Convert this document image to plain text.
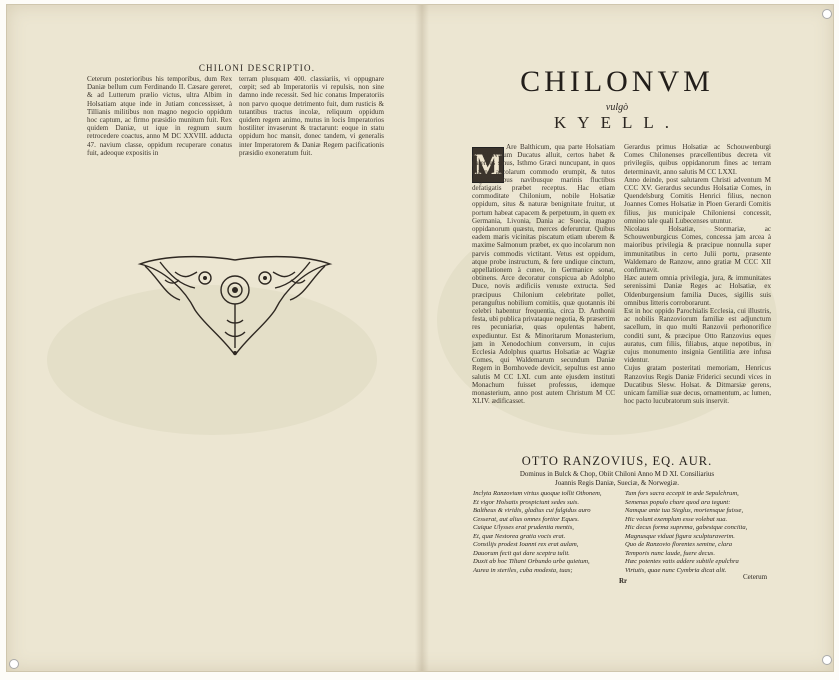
CHILONI DESCRIPTIO.

Ceterum posterioribus his temporibus, dum Rex Daniæ bellum cum Ferdinando II. Cæsare gereret, & ad Lutterum prælio victus, ultra Albim in Holsatiam atque inde in Jutiam concessisset, à Tillianis militibus non magno negocio oppidum hoc captum, ac firmo præsidio munitum fuit. Rex quidem Daniæ, ut ique in regnum suum retrocedere coactus, anno M DC XXVIII. adducta 47. navium classe, oppidum recuperare conatus fuit, adeoque expositis in

terram plusquam 400. classiariis, vi oppugnare cœpit; sed ab Imperatoriis vi repulsis, non sine damno inde recessit. Sed hic conatus Imperatoriis non parvo quoque detrimento fuit, dum rusticis & tutantibus tractus incolæ, reliquum oppidum quidem regem animo, mutus in locis Imperatorios hostiliter invaserunt & tractarunt: eoque in statu oppidum hoc mansit, donec tandem, vi generalis inter Imperatorem & Daniæ Regem pacificationis præsidio exoneratum fuit.

CHILONVM
vulgò
KYELL.
M

Are Balthicum, qua parte Holsatiam & Slesvicum Ducatus alluit, certos habet & patentes sinus, Isthmo Græci nuncupant, in quos magno accolarum commodo erumpit, & tutos negotiatoribus navibusque marinis fluctibus defatigatis præbet receptus. Hac etiam commoditate Chilonium, nobile Holsatiæ oppidum, situs & naturæ benignitate fruitur, ut portum habeat capacem & perpetuum, in quem ex Germania, Livonia, Dania ac Suecia, magno oppidanorum quæstu, merces deferuntur. Quibus eadem maris vicinitas piscatum etiam uberem & maxime Salmonum præbet, ex quo incolarum non parvis commodis victitant. Vetus est oppidum, atque probe instructum, & fere undique cinctum, appellationem à cuneo, in Germanice sonat, obtinens. Arce decoratur conspicua ab Adolpho Duce, novis ædificiis venuste extructa. Sed præcipuus Chilonium celebritate pollet, peranguſtus nobilium comitiis, quæ quotannis ibi celebri habentur frequentia, circa D. Anthonii festa, ubi publica privataque negotia, & præsertim res pecuniariæ, quas opulentas habent, expediuntur. Est & Minoritarum Monasterium, jam in Xenodochium conversum, in cujus Ecclesia Adolphus quartus Holsatiæ ac Wagriæ Comes, qui Waldemarum secundum Daniæ Regem in Bornhovede devicit, sepultus est anno salutis M CC LXI. cum ante ejusdem instituti Monachum fuisset professus, idemque monasterium, anno post autem Christum M CC XLIV. ædificasset.

Gerardus primus Holsatiæ ac Schouwenburgi Comes Chilonenses præcellentibus decreta vit privilegiis, quibus oppidanorum fines ac terram determinavit, anno salutis M CC LXXI.

Anno deinde, post salutarem Christi adventum M CCC XV. Gerardus secundus Holsatiæ Comes, in Quendelsburg Comitis Henrici filius, necnon Joannes Comes Holsatiæ in Ploen Gerardi Comitis filius, jus municipale Chiloniensi concessit, omnino tale quali Lubecenses utuntur.

Nicolaus Holsatiæ, Stormariæ, ac Schouwenburgicus Comes, concessa jam arcea à maioribus privilegia & præcipue nonnulla super immunitatibus in certo Julii portu, præsente Waldemaro de Ranzow, anno gratiæ M CCC XII confirmavit.

Hæc autem omnia privilegia, jura, & immunitates serenissimi Daniæ Reges ac Holsatiæ, ex Oldenburgensium familia Duces, sigillis suis omnibus litteris corroborarunt.

Est in hoc oppido Parochialis Ecclesia, cui illustris, ac nobilis Ranzoviorum familiæ est adjunctum sacellum, in quo multi Ranzovii perhonorifice conditi sunt, & præcipue Otto Ranzovius eques auratus, cum filiis, filiabus, atque nepotibus, in cujus monumento insignia Gentilitia ære infusa videntur.

Cujus gratam posteritati memoriam, Henricus Ranzovius Regis Daniæ Friderici secundi vices in Ducatibus Slesw. Holsat. & Ditmarsiæ gerens, unicam familiæ suæ decus, ornamentum, ac lumen, hoc pacto lucubratorum suis inservit.

OTTO RANZOVIUS, EQ. AUR.
Dominus in Bulck & Chop, Obiit Chiloni Anno M D XI. Consiliarius
Joannis Regis Daniæ, Sueciæ, & Norwegiæ.
Inclyta Ranzovium virtus quoque tollit Othonem,
Et vigor Holsatis prospiciunt sedes suis.
Baltheus & viridis, gladius cui fulgidus auro
Cesserat, aut alius omnes fortior Eques.
Cuique Ulysses erat prudentia mentis,
Et, quæ Nestorea gratia vocis erat.
Consilijs prodest Ioanni rex erat aulam,
Dauorum fecit qui dare sceptra tulit.
Duxit ab hoc Tiltani Orbundo urbe quietum,
Aurea in steriles, cuba modesta, tuas;
Tum fors sacra eccepit in æde Sepulchrum,
Semenus populo chare quod ara tegunt:
Namque ante tua Sieglus, moriensque fuisse,
Hic volunt exemplum esse volebat sua.
Hic decus forma suprema, gabestque conciita,
Magnusque viduat figura sculpturaverim.
Quo de Ranzovio florentes semine, clara
Temporis nunc laude, fuere decus.
Hæc potentes vatis addere subtile epulchra
Virtutis, quae nunc Cymbria dicat alit.
Ceterum
Rr
